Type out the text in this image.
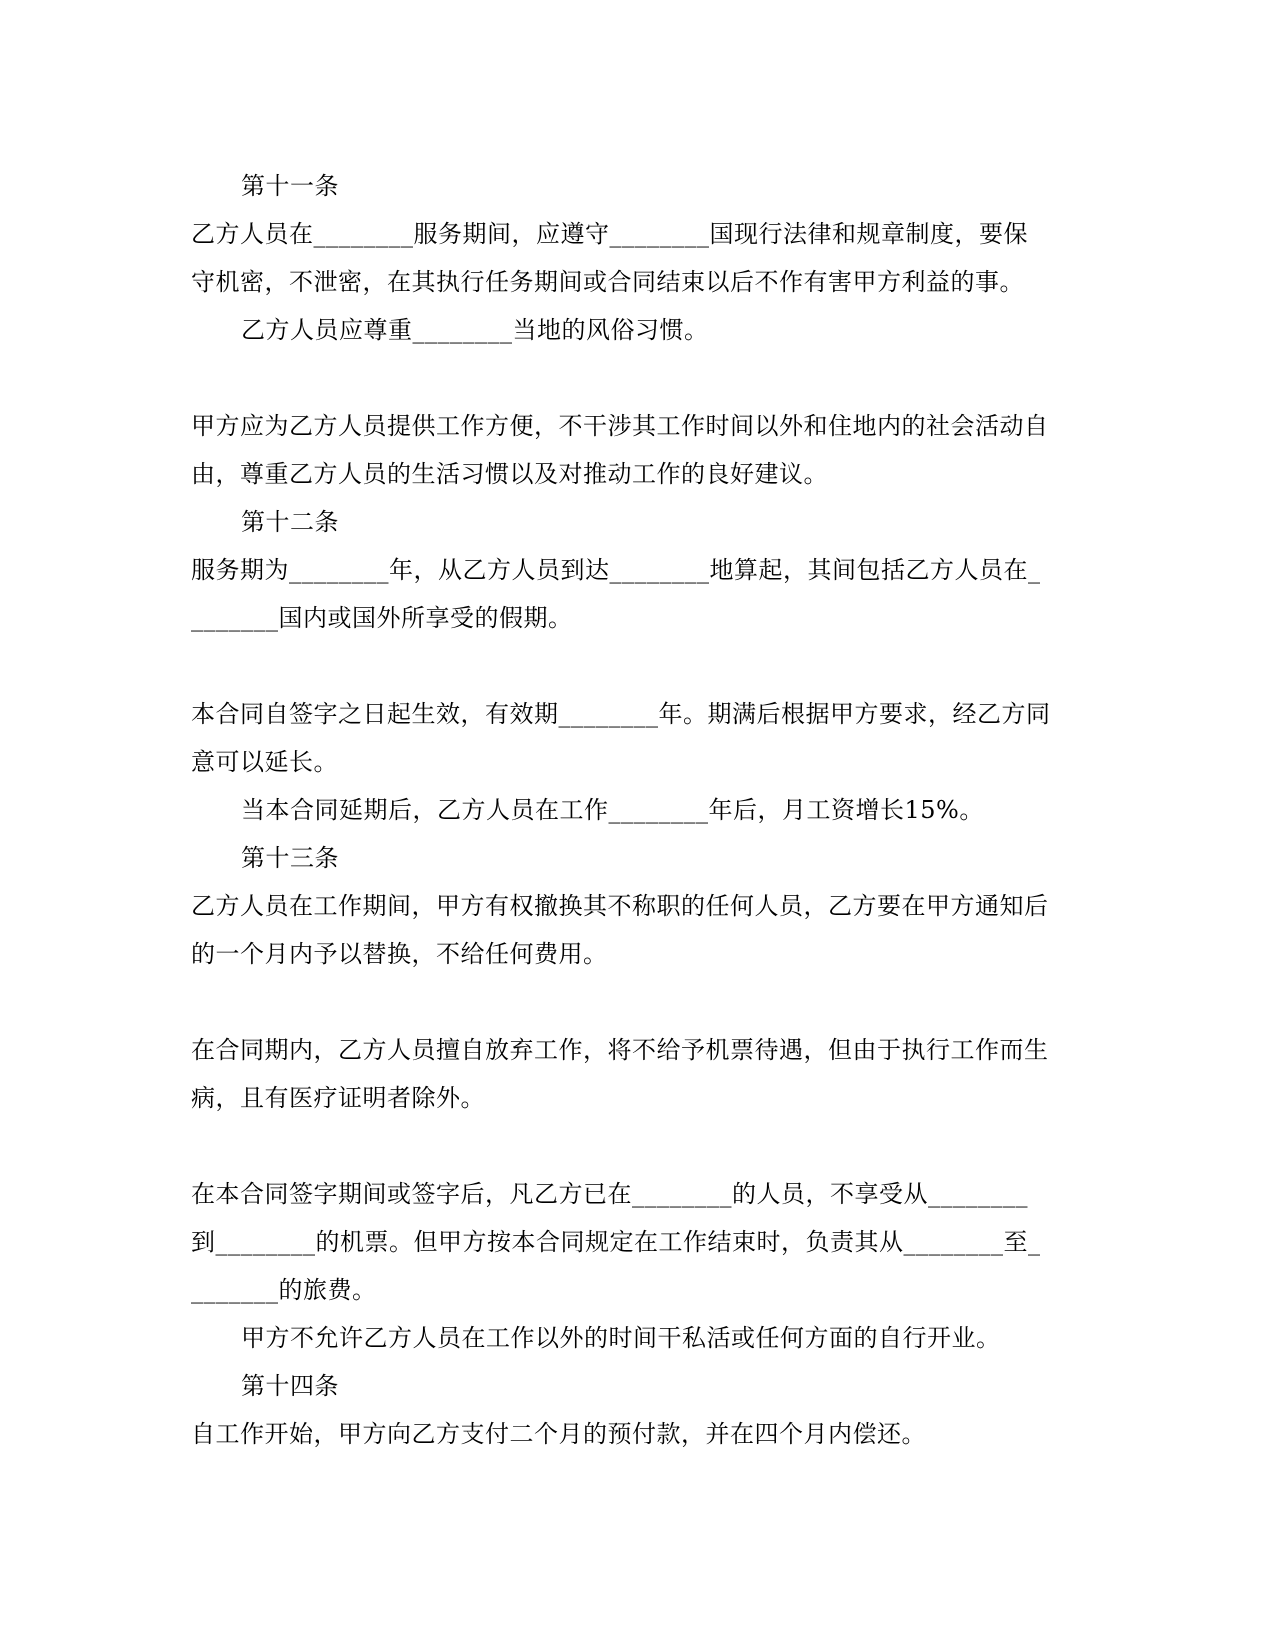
第十一条
乙方人员在________服务期间，应遵守________国现行法律和规章制度，要保
守机密，不泄密，在其执行任务期间或合同结束以后不作有害甲方利益的事。
乙方人员应尊重________当地的风俗习惯。
甲方应为乙方人员提供工作方便，不干涉其工作时间以外和住地内的社会活动自
由，尊重乙方人员的生活习惯以及对推动工作的良好建议。
第十二条
服务期为________年，从乙方人员到达________地算起，其间包括乙方人员在_
_______国内或国外所享受的假期。
本合同自签字之日起生效，有效期________年。期满后根据甲方要求，经乙方同
意可以延长。
当本合同延期后，乙方人员在工作________年后，月工资增长15%。
第十三条
乙方人员在工作期间，甲方有权撤换其不称职的任何人员，乙方要在甲方通知后
的一个月内予以替换，不给任何费用。
在合同期内，乙方人员擅自放弃工作，将不给予机票待遇，但由于执行工作而生
病，且有医疗证明者除外。
在本合同签字期间或签字后，凡乙方已在________的人员，不享受从________
到________的机票。但甲方按本合同规定在工作结束时，负责其从________至_
_______的旅费。
甲方不允许乙方人员在工作以外的时间干私活或任何方面的自行开业。
第十四条
自工作开始，甲方向乙方支付二个月的预付款，并在四个月内偿还。
